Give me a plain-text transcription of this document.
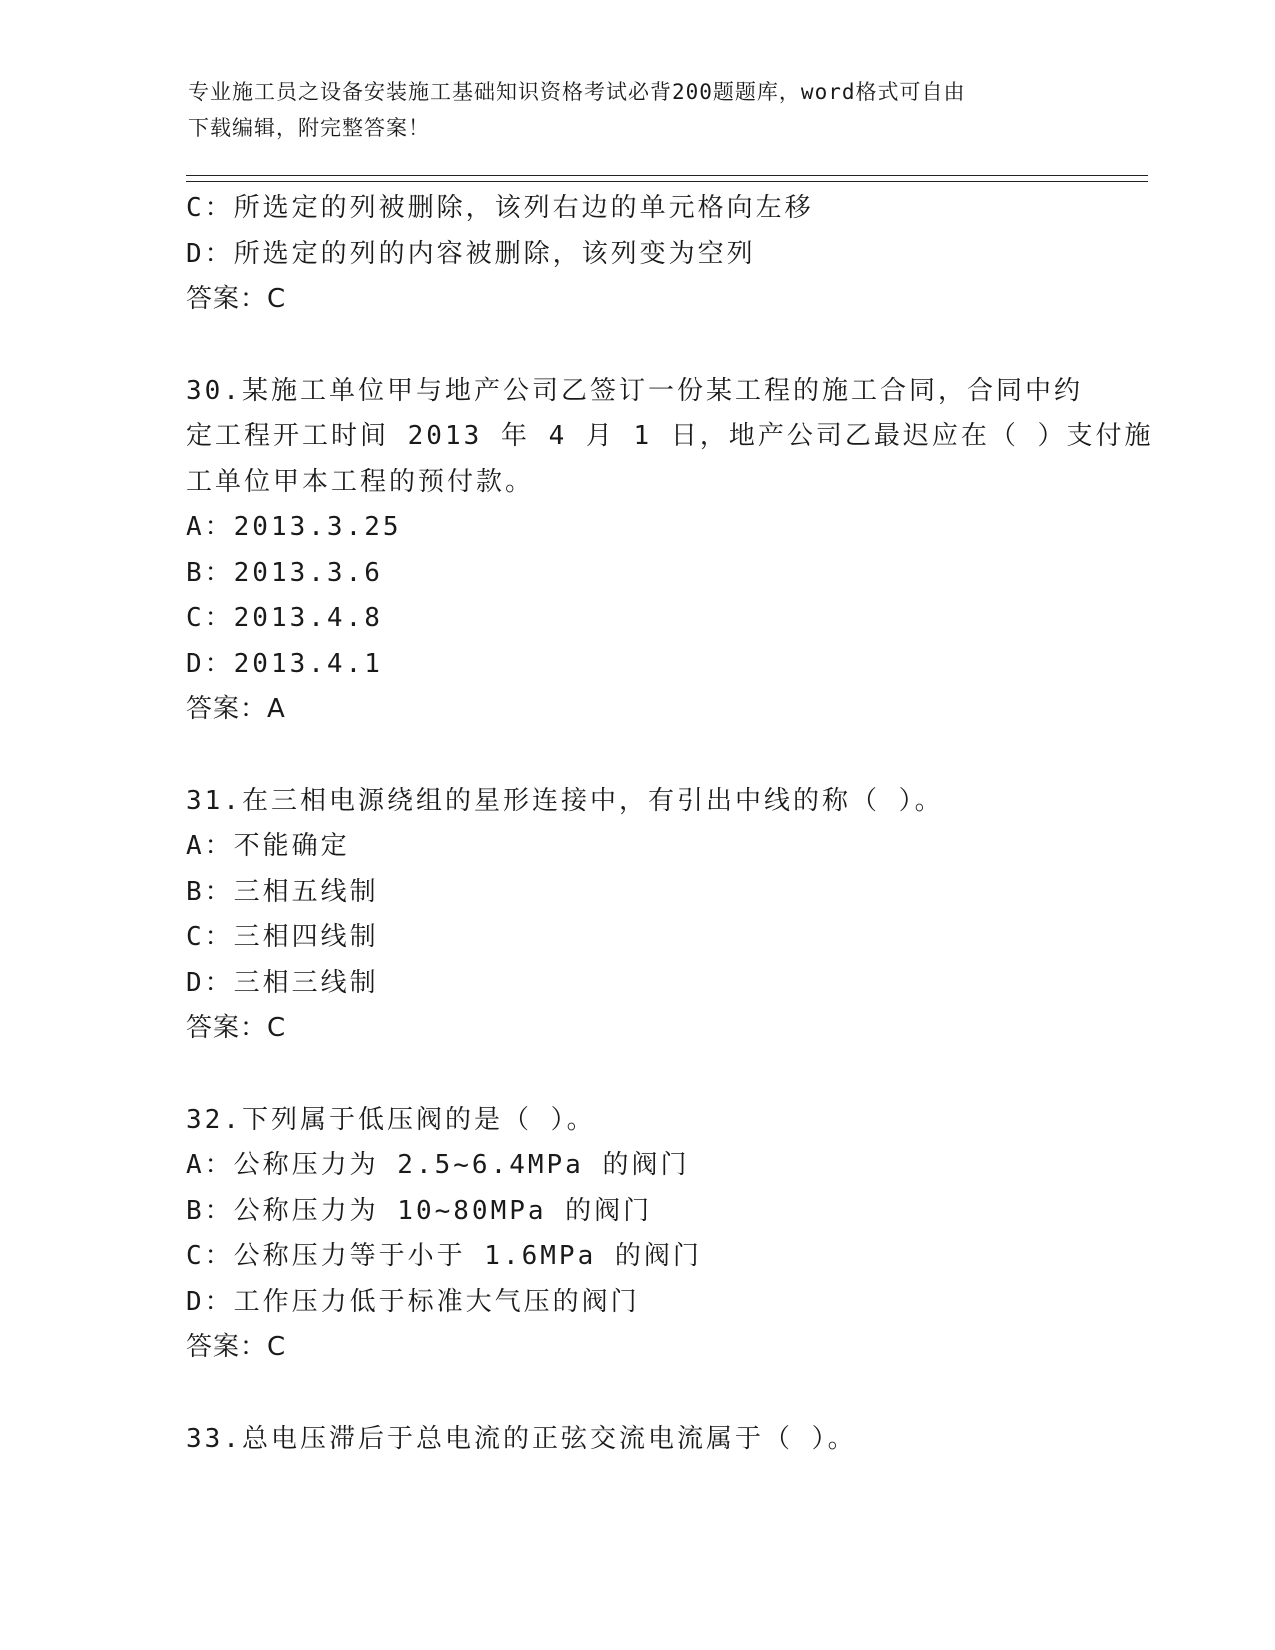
专业施工员之设备安装施工基础知识资格考试必背200题题库，word格式可自由
下载编辑，附完整答案！
C：所选定的列被删除，该列右边的单元格向左移
D：所选定的列的内容被删除，该列变为空列
答案：C
30.某施工单位甲与地产公司乙签订一份某工程的施工合同，合同中约
定工程开工时间 2013 年 4 月 1 日，地产公司乙最迟应在（ ）支付施
工单位甲本工程的预付款。
A：2013.3.25
B：2013.3.6
C：2013.4.8
D：2013.4.1
答案：A
31.在三相电源绕组的星形连接中，有引出中线的称（ ）。
A：不能确定
B：三相五线制
C：三相四线制
D：三相三线制
答案：C
32.下列属于低压阀的是（ ）。
A：公称压力为 2.5~6.4MPa 的阀门
B：公称压力为 10~80MPa 的阀门
C：公称压力等于小于 1.6MPa 的阀门
D：工作压力低于标准大气压的阀门
答案：C
33.总电压滞后于总电流的正弦交流电流属于（ ）。
